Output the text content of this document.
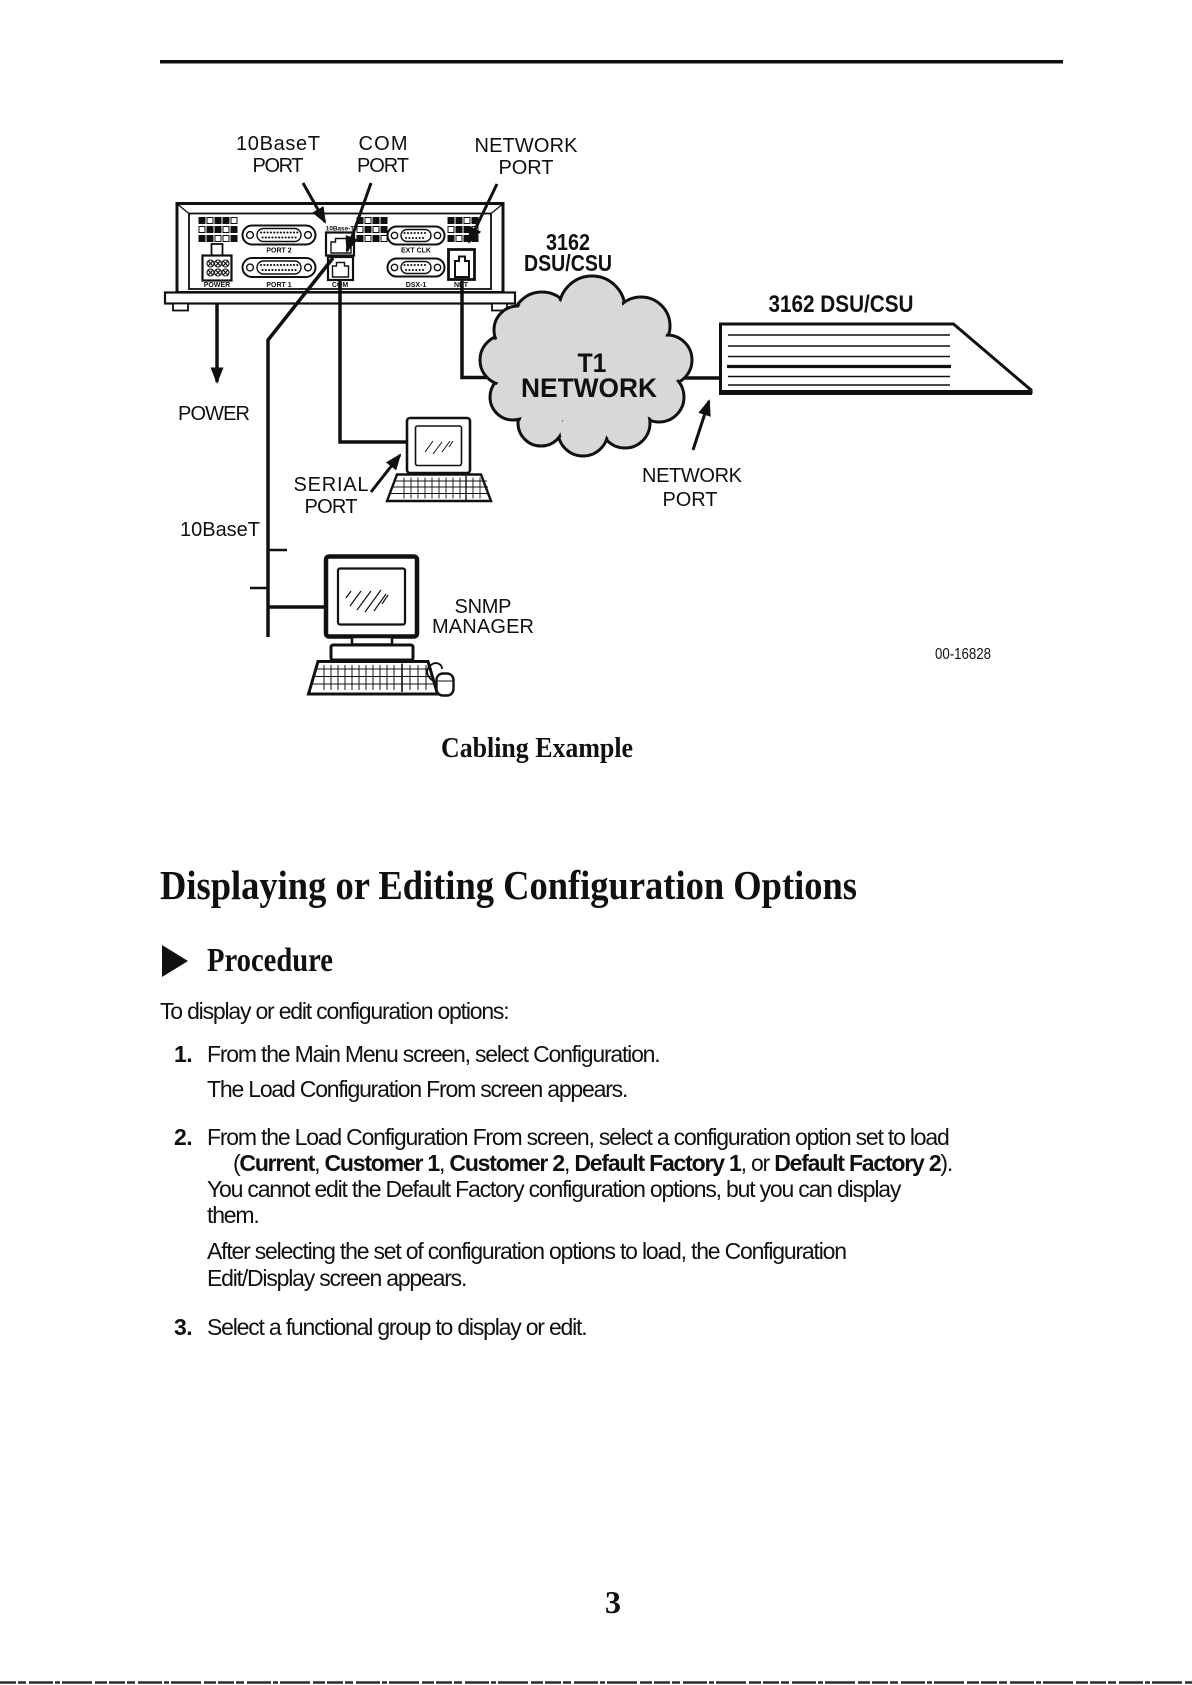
POWER
PORT 2
PORT 1
10Base-T
COM
EXT CLK
DSX-1	NET
T1
NETWORK
3162 DSU/CSU
10BaseT
PORT
COM
PORT
NETWORK
PORT
3162
DSU/CSU
POWER
SERIAL
PORT
10BaseT
SNMP
MANAGER
NETWORK
PORT
00-16828
Cabling Example
Displaying or Editing Configuration Options
Procedure
To display or edit configuration options:
1. From the Main Menu screen, select Configuration.
The Load Configuration From screen appears.
2. From the Load Configuration From screen, select a configuration option set to load
(Current, Customer 1, Customer 2, Default Factory 1, or Default Factory 2).
You cannot edit the Default Factory configuration options, but you can display
them.
After selecting the set of configuration options to load, the Configuration
Edit/Display screen appears.
3. Select a functional group to display or edit.
3
